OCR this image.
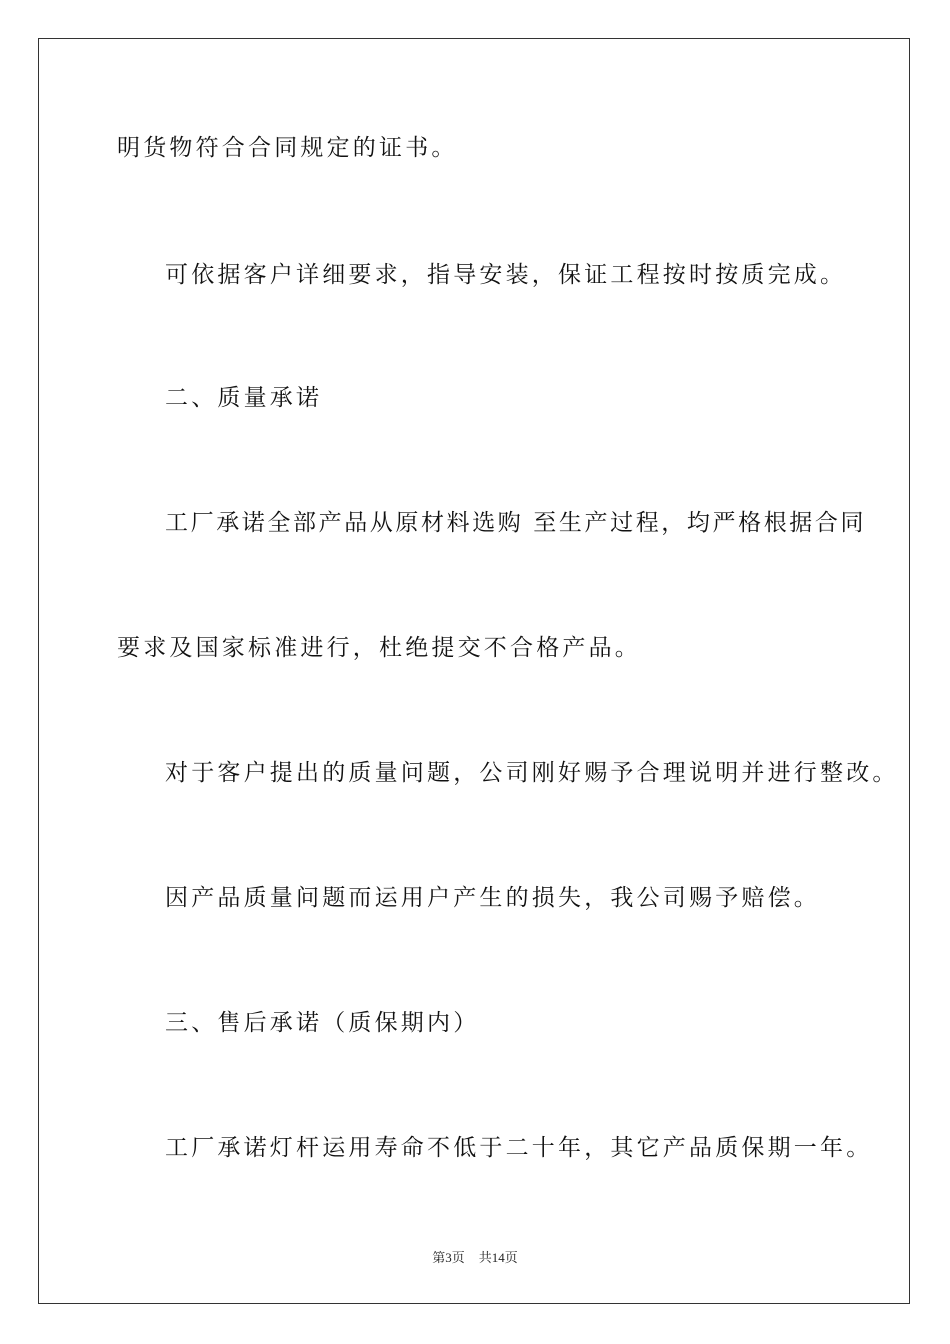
明货物符合合同规定的证书。

可依据客户详细要求，指导安装，保证工程按时按质完成。

二、质量承诺

工厂承诺全部产品从原材料选购 至生产过程，均严格根据合同

要求及国家标准进行，杜绝提交不合格产品。

对于客户提出的质量问题，公司刚好赐予合理说明并进行整改。

因产品质量问题而运用户产生的损失，我公司赐予赔偿。

三、售后承诺（质保期内）

工厂承诺灯杆运用寿命不低于二十年，其它产品质保期一年。

第3页 共14页
